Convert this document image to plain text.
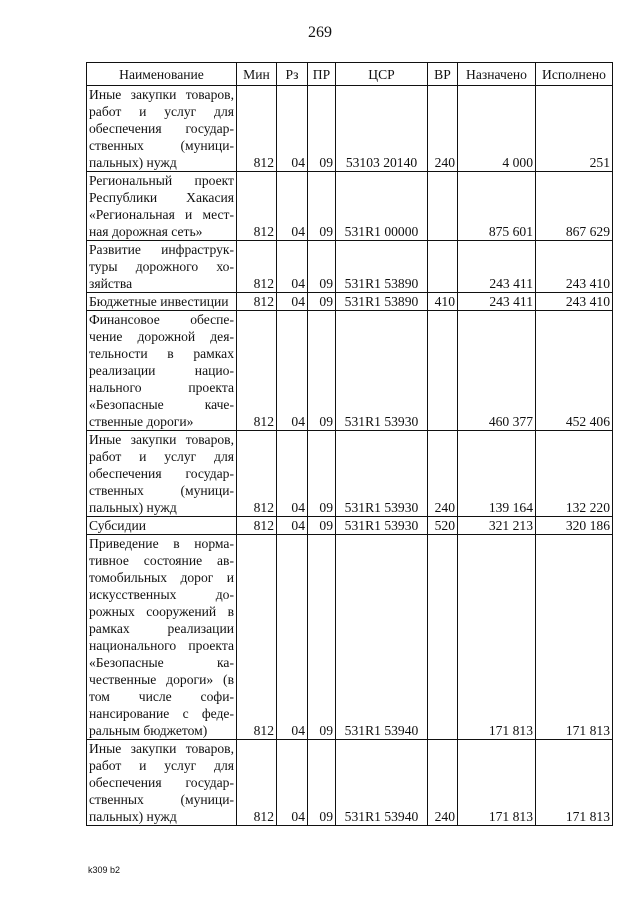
269
Наименование	Мин	Рз	ПР	ЦСР	ВР	Назначено	Исполнено
Иные закупки товаров, работ и услуг для обеспечения государственных (муниципальных) нужд	812	04	09	53103 20140	240	4 000	251
Региональный проект Республики Хакасия «Региональная и местная дорожная сеть»	812	04	09	531R1 00000		875 601	867 629
Развитие инфраструктуры дорожного хозяйства	812	04	09	531R1 53890		243 411	243 410
Бюджетные инвестиции	812	04	09	531R1 53890	410	243 411	243 410
Финансовое обеспечение дорожной деятельности в рамках реализации национального проекта «Безопасные качественные дороги»	812	04	09	531R1 53930		460 377	452 406
Иные закупки товаров, работ и услуг для обеспечения государственных (муниципальных) нужд	812	04	09	531R1 53930	240	139 164	132 220
Субсидии	812	04	09	531R1 53930	520	321 213	320 186
Приведение в нормативное состояние автомобильных дорог и искусственных дорожных сооружений в рамках реализации национального проекта «Безопасные качественные дороги» (в том числе софинансирование с федеральным бюджетом)	812	04	09	531R1 53940		171 813	171 813
Иные закупки товаров, работ и услуг для обеспечения государственных (муниципальных) нужд	812	04	09	531R1 53940	240	171 813	171 813
k309 b2
